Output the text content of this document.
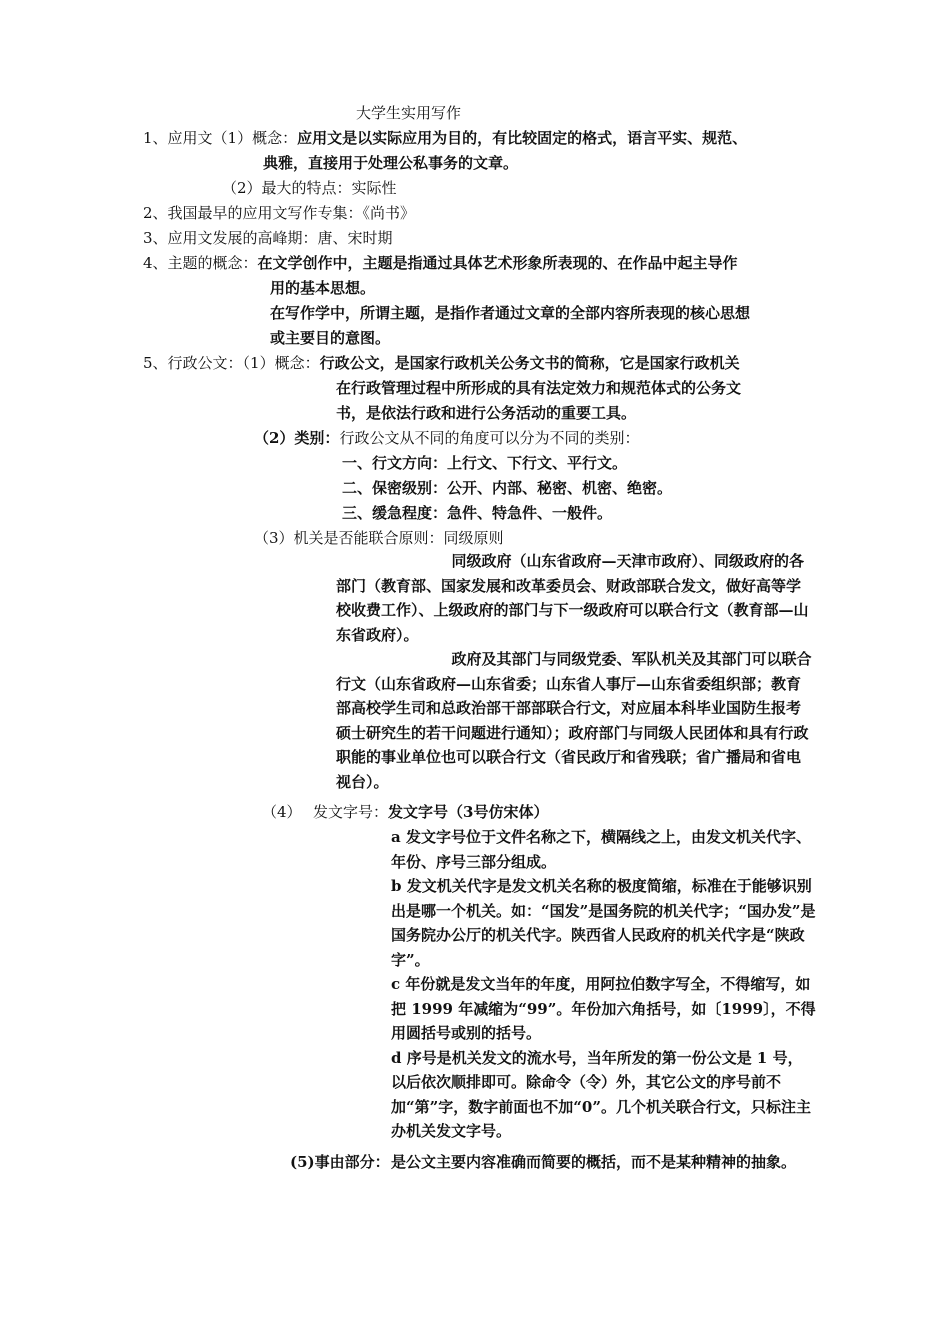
大学生实用写作
1、应用文（1）概念：应用文是以实际应用为目的，有比较固定的格式，语言平实、规范、
典雅，直接用于处理公私事务的文章。
（2）最大的特点：实际性
2、我国最早的应用文写作专集：《尚书》
3、应用文发展的高峰期：唐、宋时期
4、主题的概念：在文学创作中，主题是指通过具体艺术形象所表现的、在作品中起主导作
用的基本思想。
在写作学中，所谓主题，是指作者通过文章的全部内容所表现的核心思想
或主要目的意图。
5、行政公文：（1）概念：行政公文，是国家行政机关公务文书的简称，它是国家行政机关
在行政管理过程中所形成的具有法定效力和规范体式的公务文
书，是依法行政和进行公务活动的重要工具。
（2）类别：行政公文从不同的角度可以分为不同的类别：
一、行文方向：上行文、下行文、平行文。
二、保密级别：公开、内部、秘密、机密、绝密。
三、缓急程度：急件、特急件、一般件。
（3）机关是否能联合原则：同级原则

同级政府（山东省政府—天津市政府）、同级政府的各部门（教育部、国家发展和改革委员会、财政部联合发文，做好高等学校收费工作）、上级政府的部门与下一级政府可以联合行文（教育部—山东省政府）。

政府及其部门与同级党委、军队机关及其部门可以联合行文（山东省政府—山东省委；山东省人事厅—山东省委组织部；教育部高校学生司和总政治部干部部联合行文，对应届本科毕业国防生报考硕士研究生的若干问题进行通知）；政府部门与同级人民团体和具有行政职能的事业单位也可以联合行文（省民政厅和省残联；省广播局和省电视台）。

（4） 发文字号：发文字号（3号仿宋体）

a 发文字号位于文件名称之下，横隔线之上，由发文机关代字、年份、序号三部分组成。

b 发文机关代字是发文机关名称的极度简缩，标准在于能够识别出是哪一个机关。如：“国发”是国务院的机关代字；“国办发”是国务院办公厅的机关代字。陕西省人民政府的机关代字是“陕政字”。

c 年份就是发文当年的年度，用阿拉伯数字写全，不得缩写，如把 1999 年减缩为“99”。年份加六角括号，如〔1999〕，不得用圆括号或别的括号。

d 序号是机关发文的流水号，当年所发的第一份公文是 1 号，以后依次顺排即可。除命令（令）外，其它公文的序号前不加“第”字，数字前面也不加“0”。几个机关联合行文，只标注主办机关发文字号。

(5)事由部分： 是公文主要内容准确而简要的概括，而不是某种精神的抽象。
